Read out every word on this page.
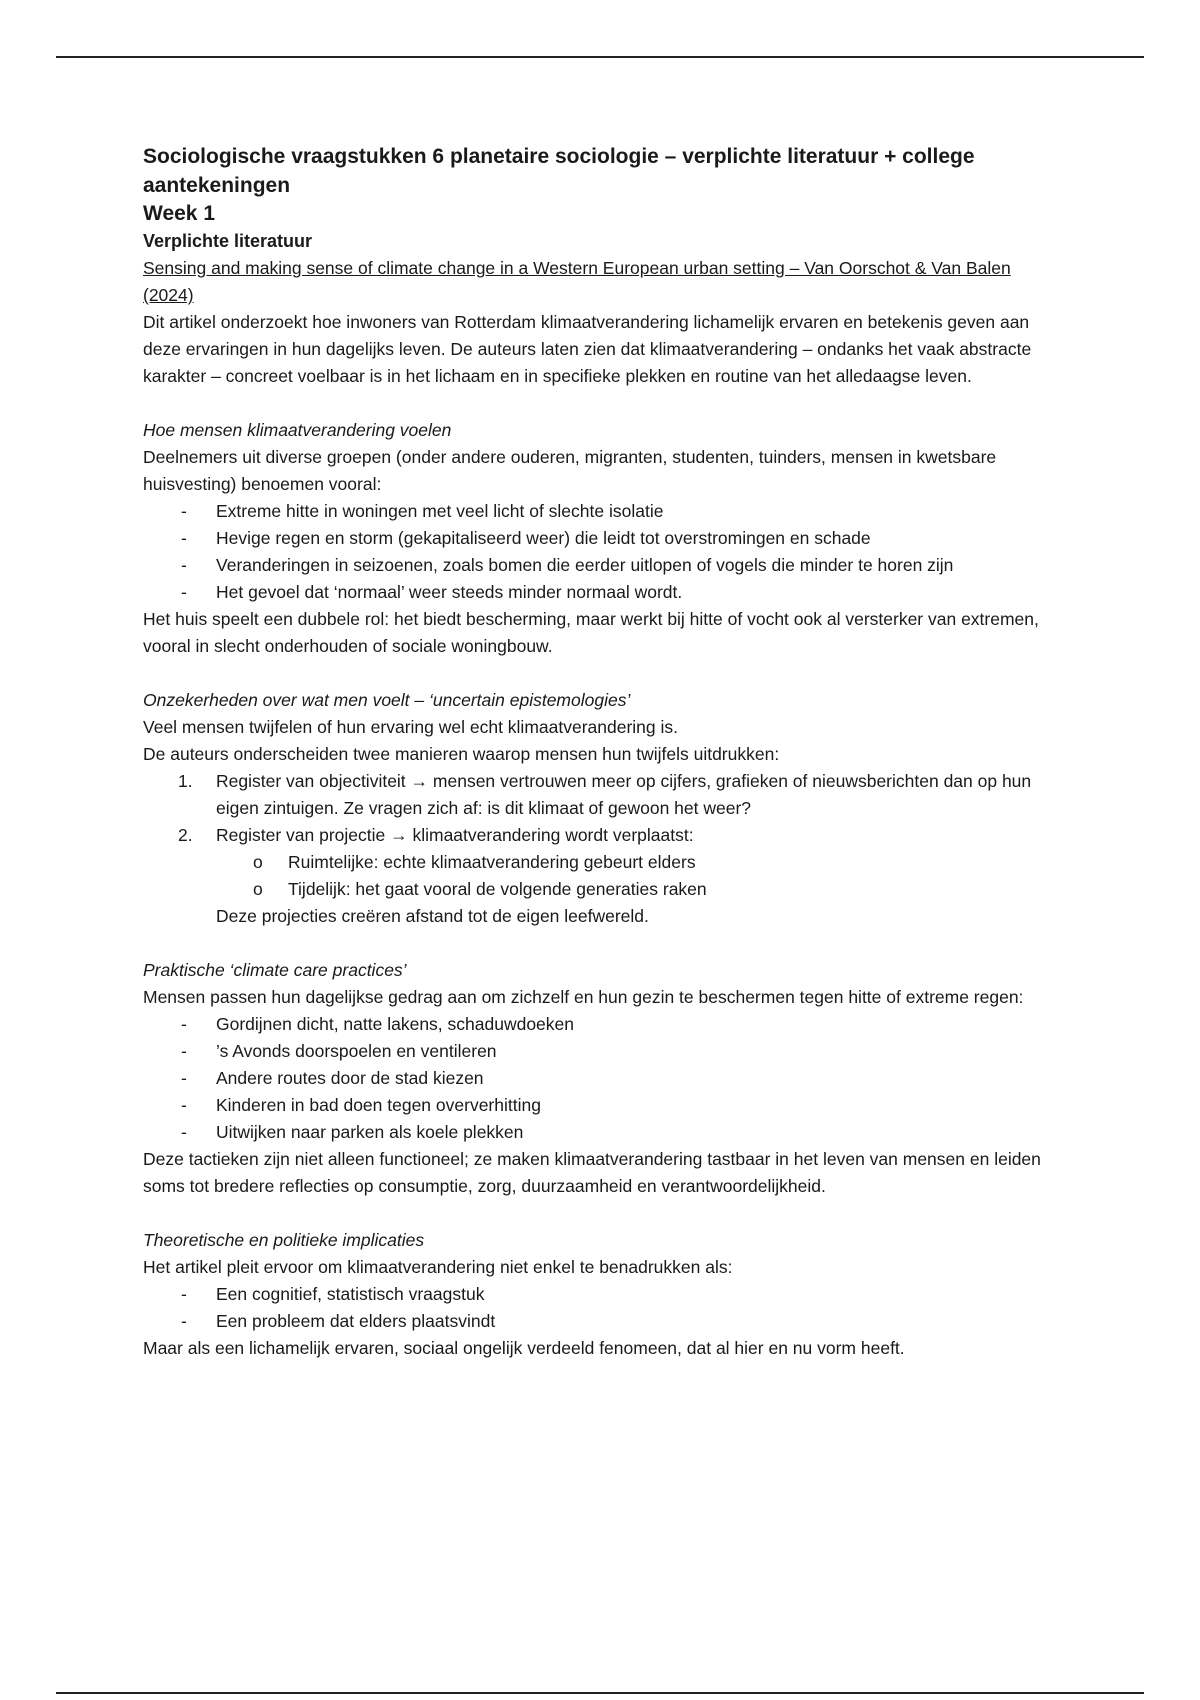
Sociologische vraagstukken 6 planetaire sociologie – verplichte literatuur + college aantekeningen
Week 1
Verplichte literatuur

Sensing and making sense of climate change in a Western European urban setting – Van Oorschot & Van Balen (2024)

Dit artikel onderzoekt hoe inwoners van Rotterdam klimaatverandering lichamelijk ervaren en betekenis geven aan deze ervaringen in hun dagelijks leven. De auteurs laten zien dat klimaatverandering – ondanks het vaak abstracte karakter – concreet voelbaar is in het lichaam en in specifieke plekken en routine van het alledaagse leven.

Hoe mensen klimaatverandering voelen

Deelnemers uit diverse groepen (onder andere ouderen, migranten, studenten, tuinders, mensen in kwetsbare huisvesting) benoemen vooral:

- Extreme hitte in woningen met veel licht of slechte isolatie
- Hevige regen en storm (gekapitaliseerd weer) die leidt tot overstromingen en schade
- Veranderingen in seizoenen, zoals bomen die eerder uitlopen of vogels die minder te horen zijn
- Het gevoel dat ‘normaal’ weer steeds minder normaal wordt.

Het huis speelt een dubbele rol: het biedt bescherming, maar werkt bij hitte of vocht ook al versterker van extremen, vooral in slecht onderhouden of sociale woningbouw.

Onzekerheden over wat men voelt – ‘uncertain epistemologies’

Veel mensen twijfelen of hun ervaring wel echt klimaatverandering is.

De auteurs onderscheiden twee manieren waarop mensen hun twijfels uitdrukken:

1. Register van objectiviteit → mensen vertrouwen meer op cijfers, grafieken of nieuwsberichten dan op hun eigen zintuigen. Ze vragen zich af: is dit klimaat of gewoon het weer?
2. Register van projectie → klimaatverandering wordt verplaatst:
o Ruimtelijke: echte klimaatverandering gebeurt elders
o Tijdelijk: het gaat vooral de volgende generaties raken

Deze projecties creëren afstand tot de eigen leefwereld.

Praktische ‘climate care practices’

Mensen passen hun dagelijkse gedrag aan om zichzelf en hun gezin te beschermen tegen hitte of extreme regen:

- Gordijnen dicht, natte lakens, schaduwdoeken
- ’s Avonds doorspoelen en ventileren
- Andere routes door de stad kiezen
- Kinderen in bad doen tegen oververhitting
- Uitwijken naar parken als koele plekken

Deze tactieken zijn niet alleen functioneel; ze maken klimaatverandering tastbaar in het leven van mensen en leiden soms tot bredere reflecties op consumptie, zorg, duurzaamheid en verantwoordelijkheid.

Theoretische en politieke implicaties

Het artikel pleit ervoor om klimaatverandering niet enkel te benadrukken als:

- Een cognitief, statistisch vraagstuk
- Een probleem dat elders plaatsvindt

Maar als een lichamelijk ervaren, sociaal ongelijk verdeeld fenomeen, dat al hier en nu vorm heeft.
